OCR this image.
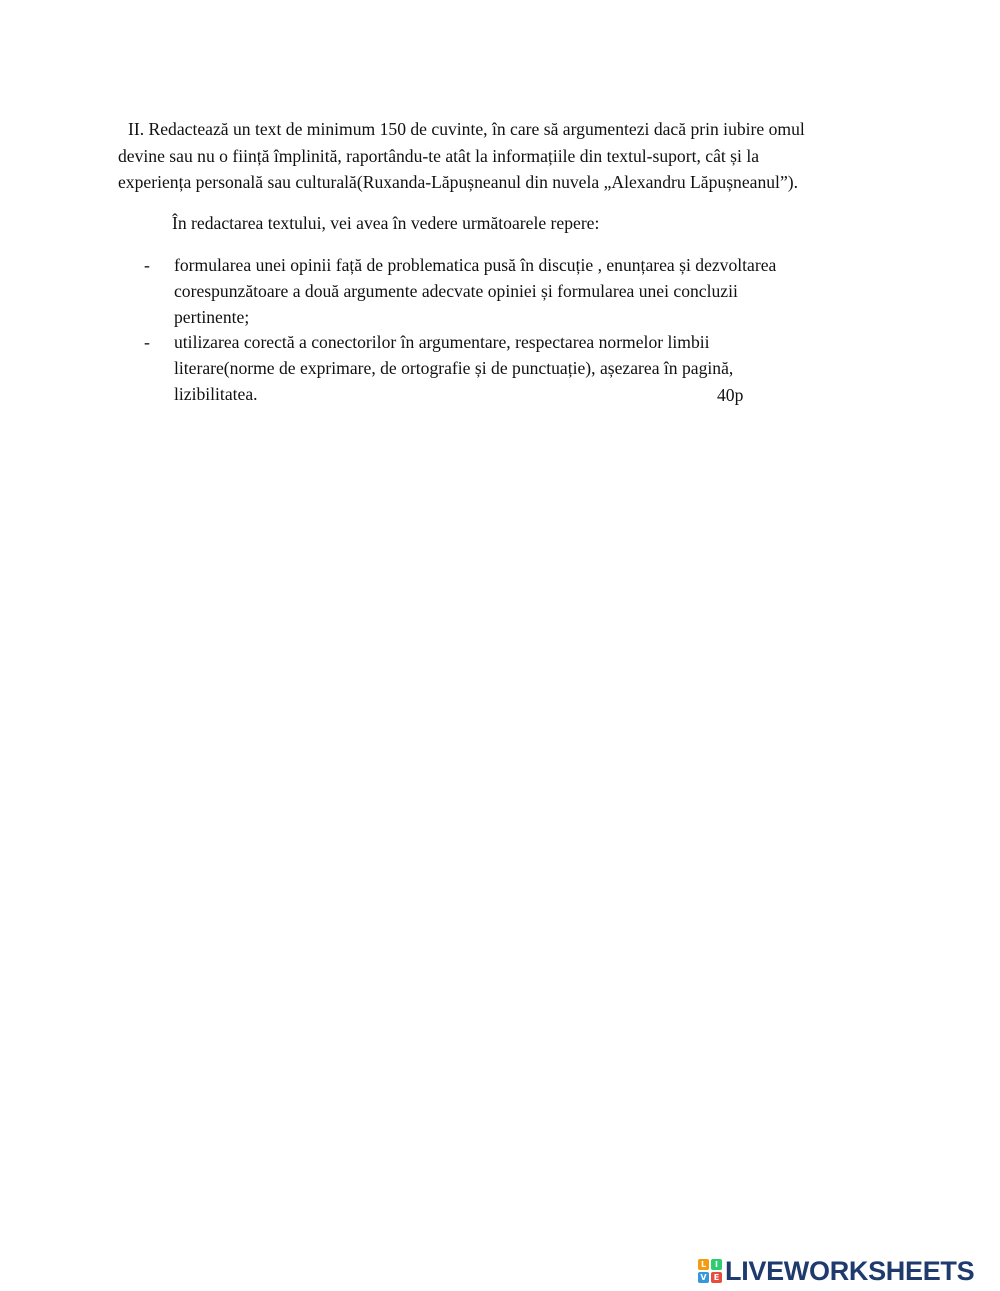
II. Redactează un text de minimum 150 de cuvinte, în care să argumentezi dacă prin iubire omul
devine sau nu o ființă împlinită, raportându-te atât la informațiile din textul-suport, cât și la
experiența personală sau culturală(Ruxanda-Lăpușneanul din nuvela „Alexandru Lăpușneanul”).

În redactarea textului, vei avea în vedere următoarele repere:

- formularea unei opinii față de problematica pusă în discuție , enunțarea și dezvoltarea
corespunzătoare a două argumente adecvate opiniei și formularea unei concluzii
pertinente;
- utilizarea corectă a conectorilor în argumentare, respectarea normelor limbii
literare(norme de exprimare, de ortografie și de punctuație), așezarea în pagină,
lizibilitatea.	40p
L	I
V E LIVEWORKSHEETS
